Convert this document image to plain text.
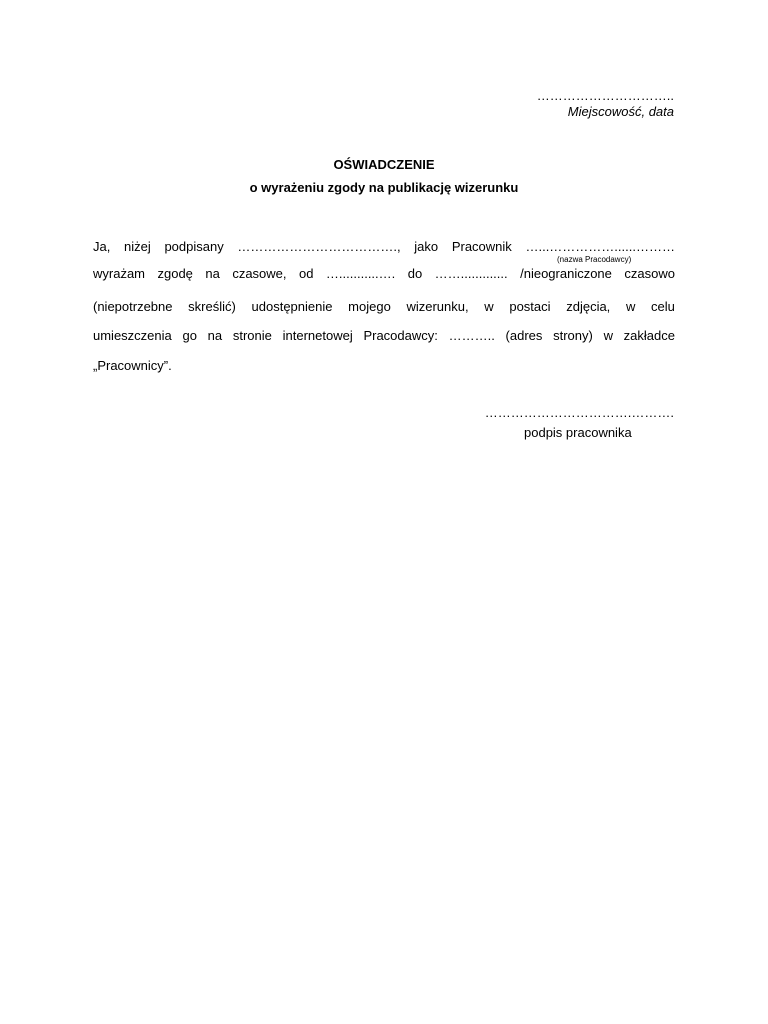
…………………………..
Miejscowość, data
OŚWIADCZENIE
o wyrażeniu zgody na publikację wizerunku
Ja, niżej podpisany ………………………………., jako Pracownik …...……………......………
(nazwa Pracodawcy)
wyrażam zgodę na czasowe, od …...........…. do ……............. /nieograniczone czasowo
(niepotrzebne skreślić) udostępnienie mojego wizerunku, w postaci zdjęcia, w celu
umieszczenia go na stronie internetowej Pracodawcy: ……….. (adres strony) w zakładce
„Pracownicy”.
…………………………….……….
podpis pracownika
